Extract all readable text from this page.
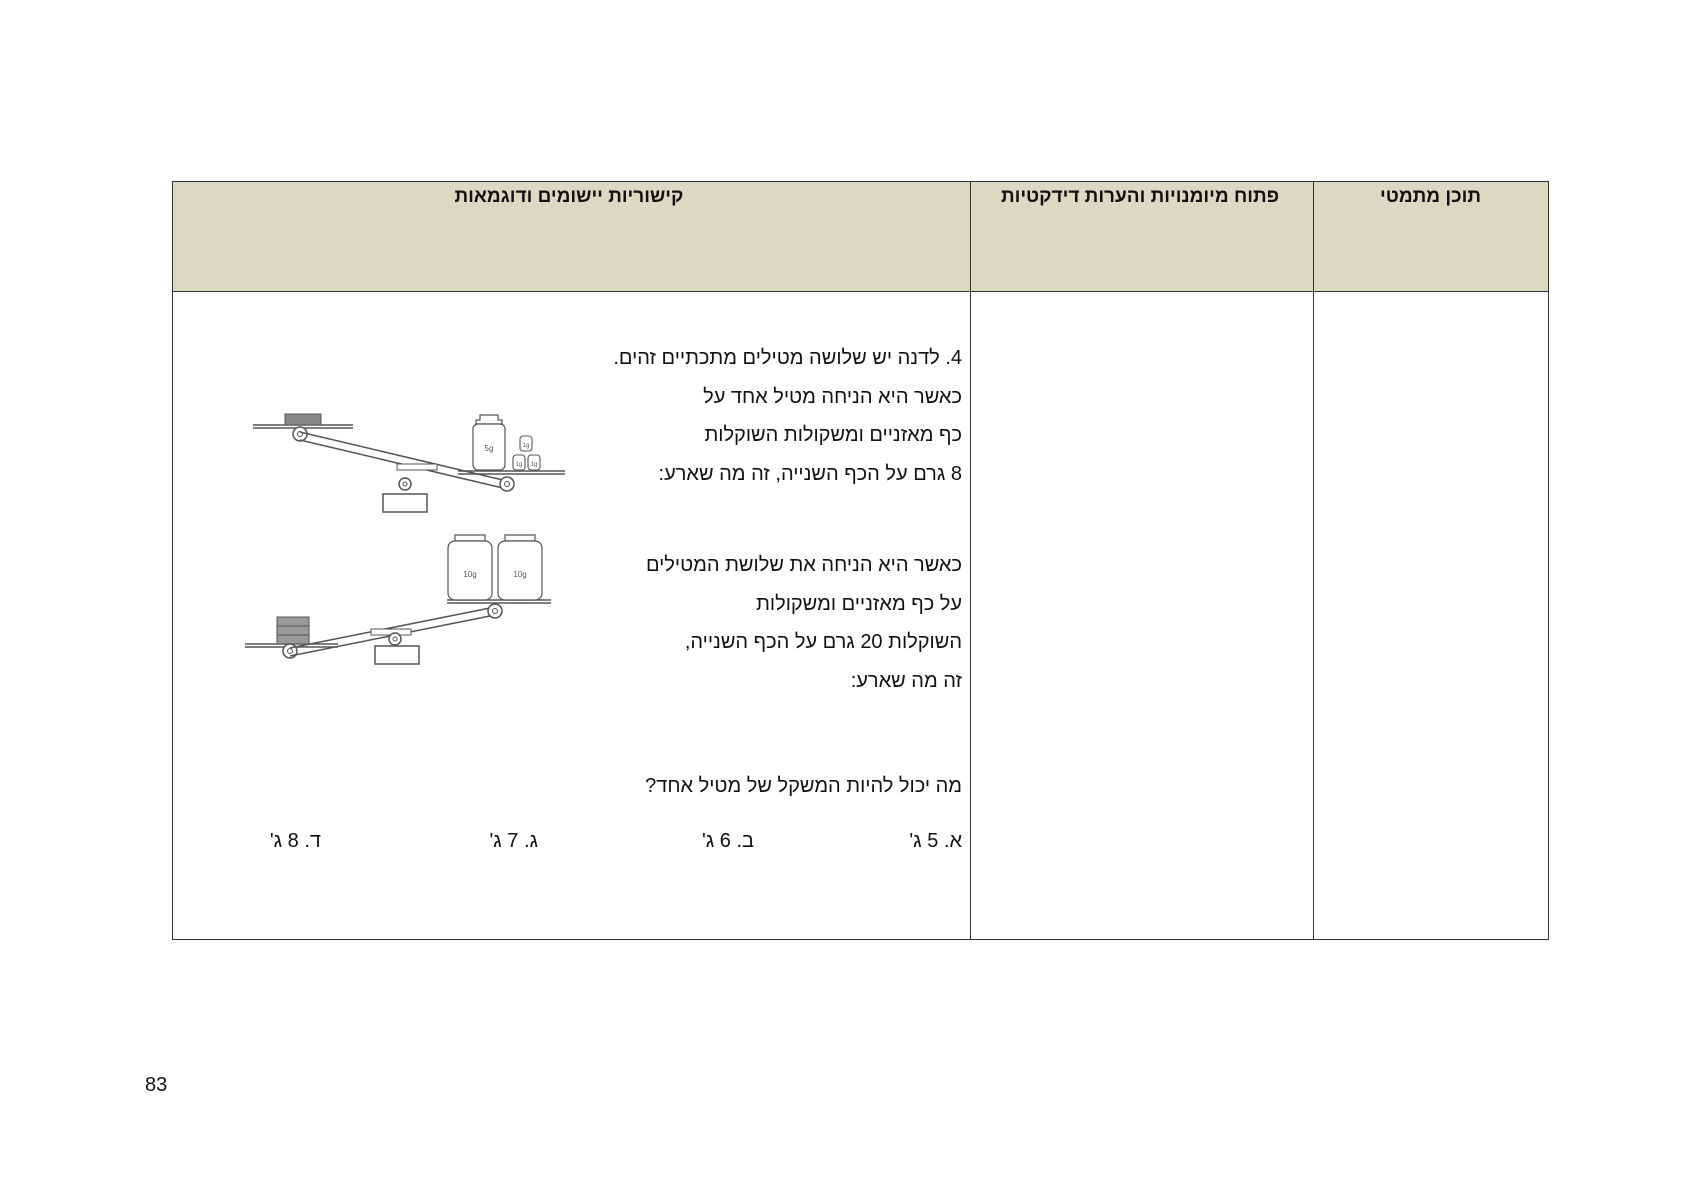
תוכן מתמטי
פתוח מיומנויות והערות דידקטיות
קישוריות יישומים ודוגמאות
4. לדנה יש שלושה מטילים מתכתיים זהים.
כאשר היא הניחה מטיל אחד על
כף מאזניים ומשקולות השוקלות
8 גרם על הכף השנייה, זה מה שארע:
כאשר היא הניחה את שלושת המטילים
על כף מאזניים ומשקולות
השוקלות 20 גרם על הכף השנייה,
זה מה שארע:
מה יכול להיות המשקל של מטיל אחד?
א. 5 ג'
ב. 6 ג'
ג. 7 ג'
ד. 8 ג'
5g	1g
1g 1g
10g	10g
83
